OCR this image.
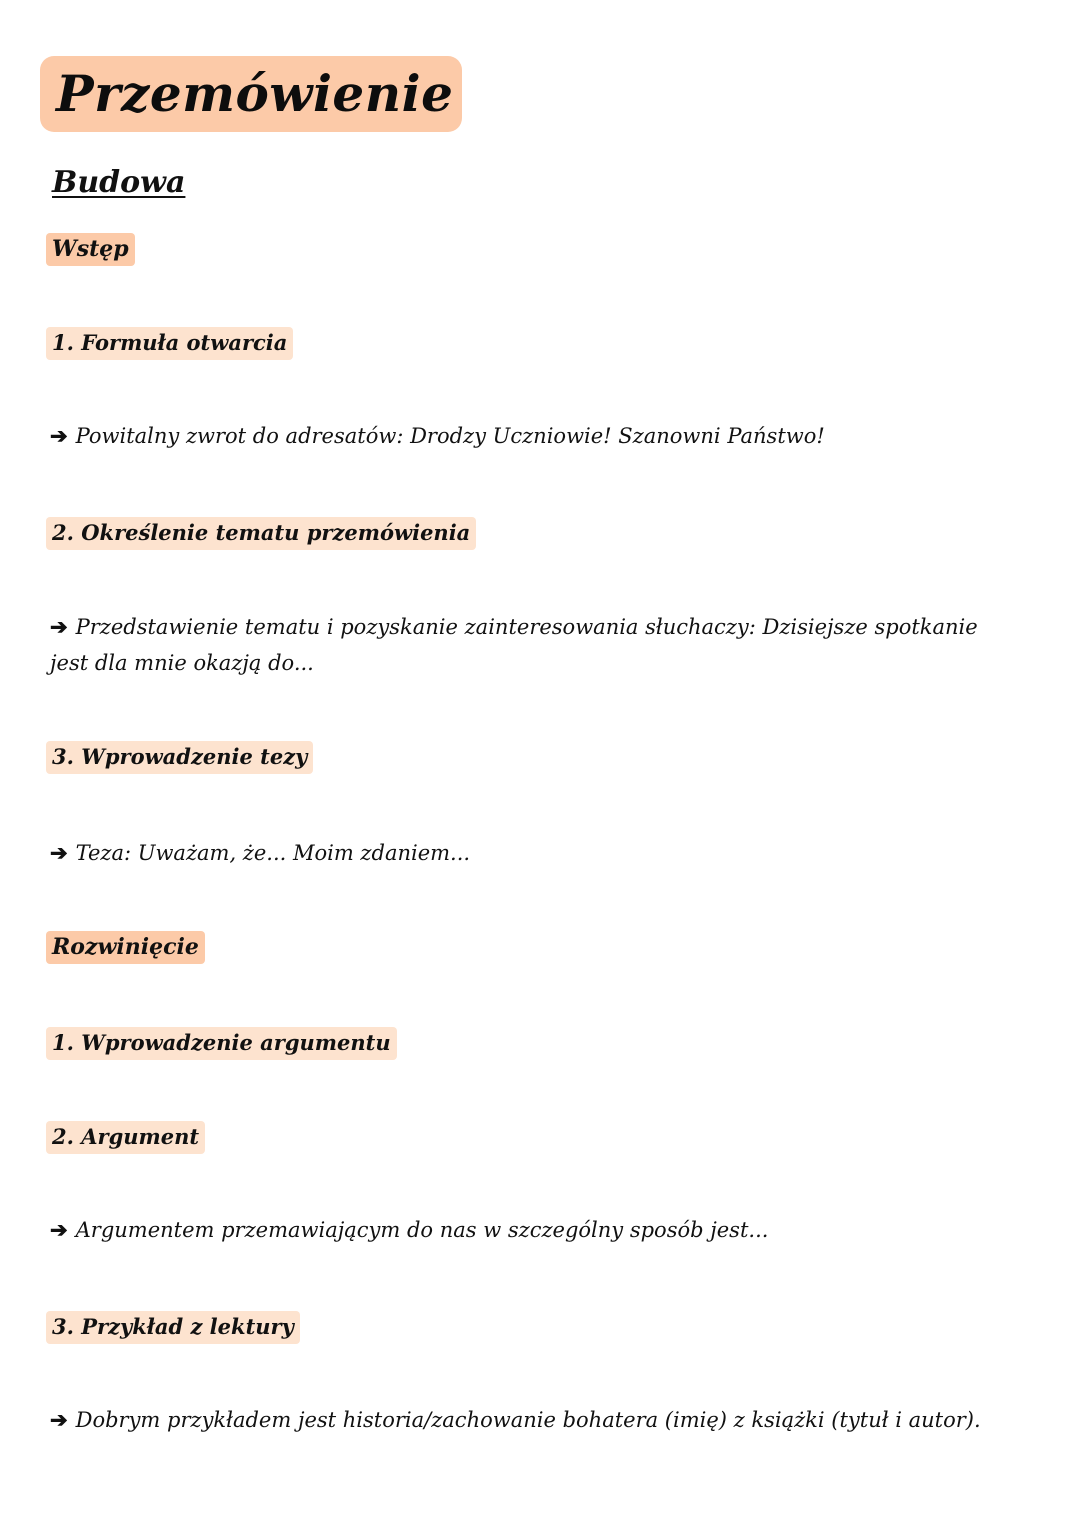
Przemówienie
Budowa
Wstęp
1. Formuła otwarcia
➔ Powitalny zwrot do adresatów: Drodzy Uczniowie! Szanowni Państwo!
2. Określenie tematu przemówienia
➔ Przedstawienie tematu i pozyskanie zainteresowania słuchaczy: Dzisiejsze spotkanie jest dla mnie okazją do...
3. Wprowadzenie tezy
➔ Teza: Uważam, że... Moim zdaniem...
Rozwinięcie
1. Wprowadzenie argumentu
2. Argument
➔ Argumentem przemawiającym do nas w szczególny sposób jest...
3. Przykład z lektury
➔ Dobrym przykładem jest historia/zachowanie bohatera (imię) z książki (tytuł i autor).
